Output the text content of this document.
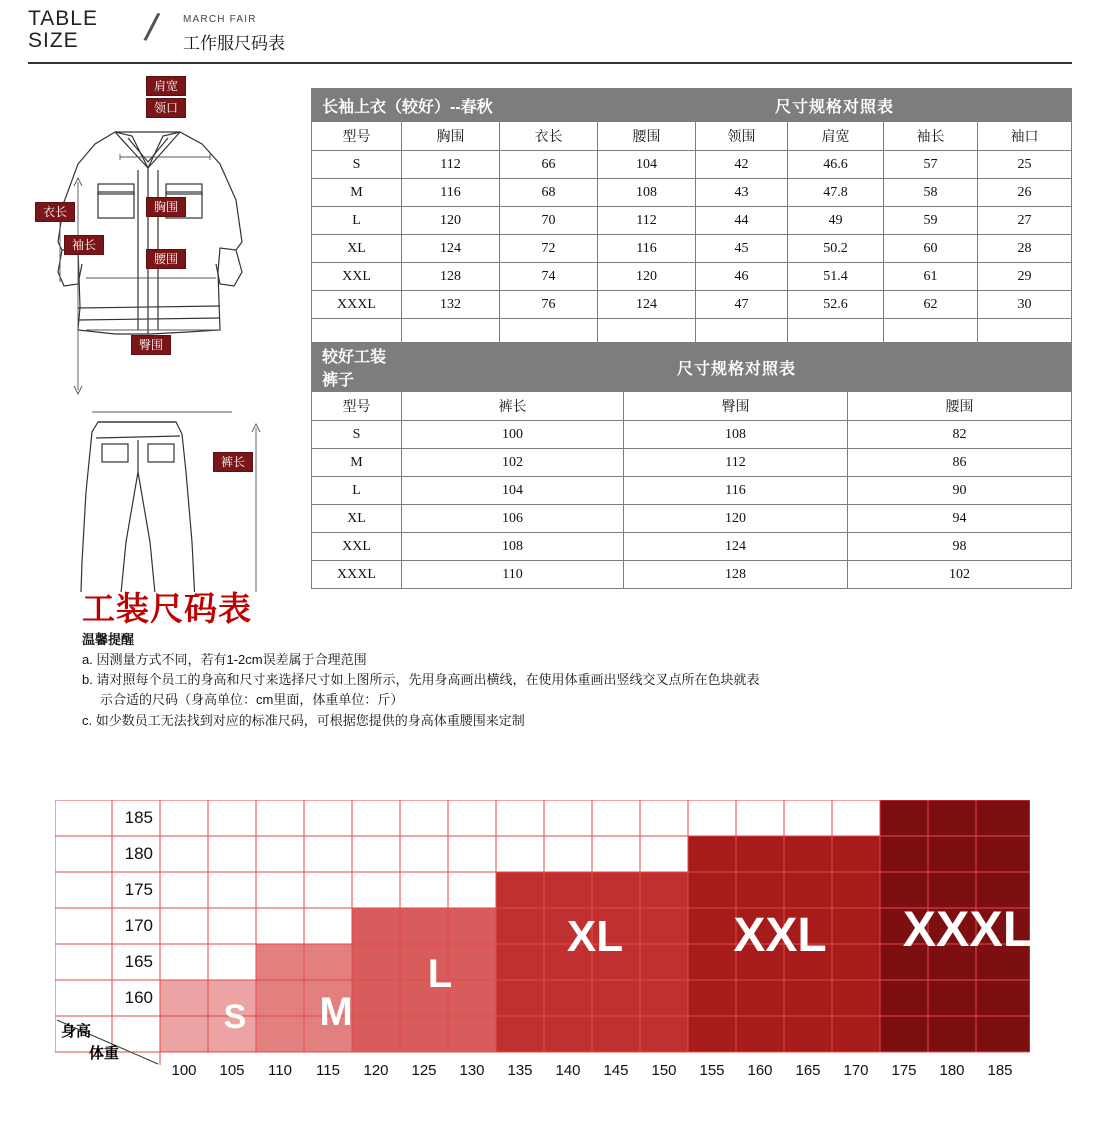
TABLE
SIZE	/ MARCH FAIR
工作服尺码表
肩宽
领口
胸围
衣长
袖长
腰围
臀围
裤长
长袖上衣（较好）--春秋			尺寸规格对照表				
型号	胸围	衣长	腰围	领围	肩宽	袖长	袖口
S	112	66	104	42	46.6	57	25
M	116	68	108	43	47.8	58	26
L	120	70	112	44	49	59	27
XL	124	72	116	45	50.2	60	28
XXL	128	74	120	46	51.4	61	29
XXXL	132	76	124	47	52.6	62	30

较好工装裤子	尺寸规格对照表		
型号	裤长	臀围	腰围
S	100	108	82
M	102	112	86
L	104	116	90
XL	106	120	94
XXL	108	124	98
XXXL	110	128	102
工装尺码表
温馨提醒
a. 因测量方式不同，若有1-2cm误差属于合理范围
b. 请对照每个员工的身高和尺寸来选择尺寸如上图所示，先用身高画出横线，在使用体重画出竖线交叉点所在色块就表
示合适的尺码（身高单位：cm里面，体重单位：斤）
c. 如少数员工无法找到对应的标准尺码，可根据您提供的身高体重腰围来定制
S	M
L
XL	XXL	XXXL
185
180
175
170
165
160
100	105	110	115	120	125	130	135	140	145	150	155	160	165	170	175	180	185
身高
体重
